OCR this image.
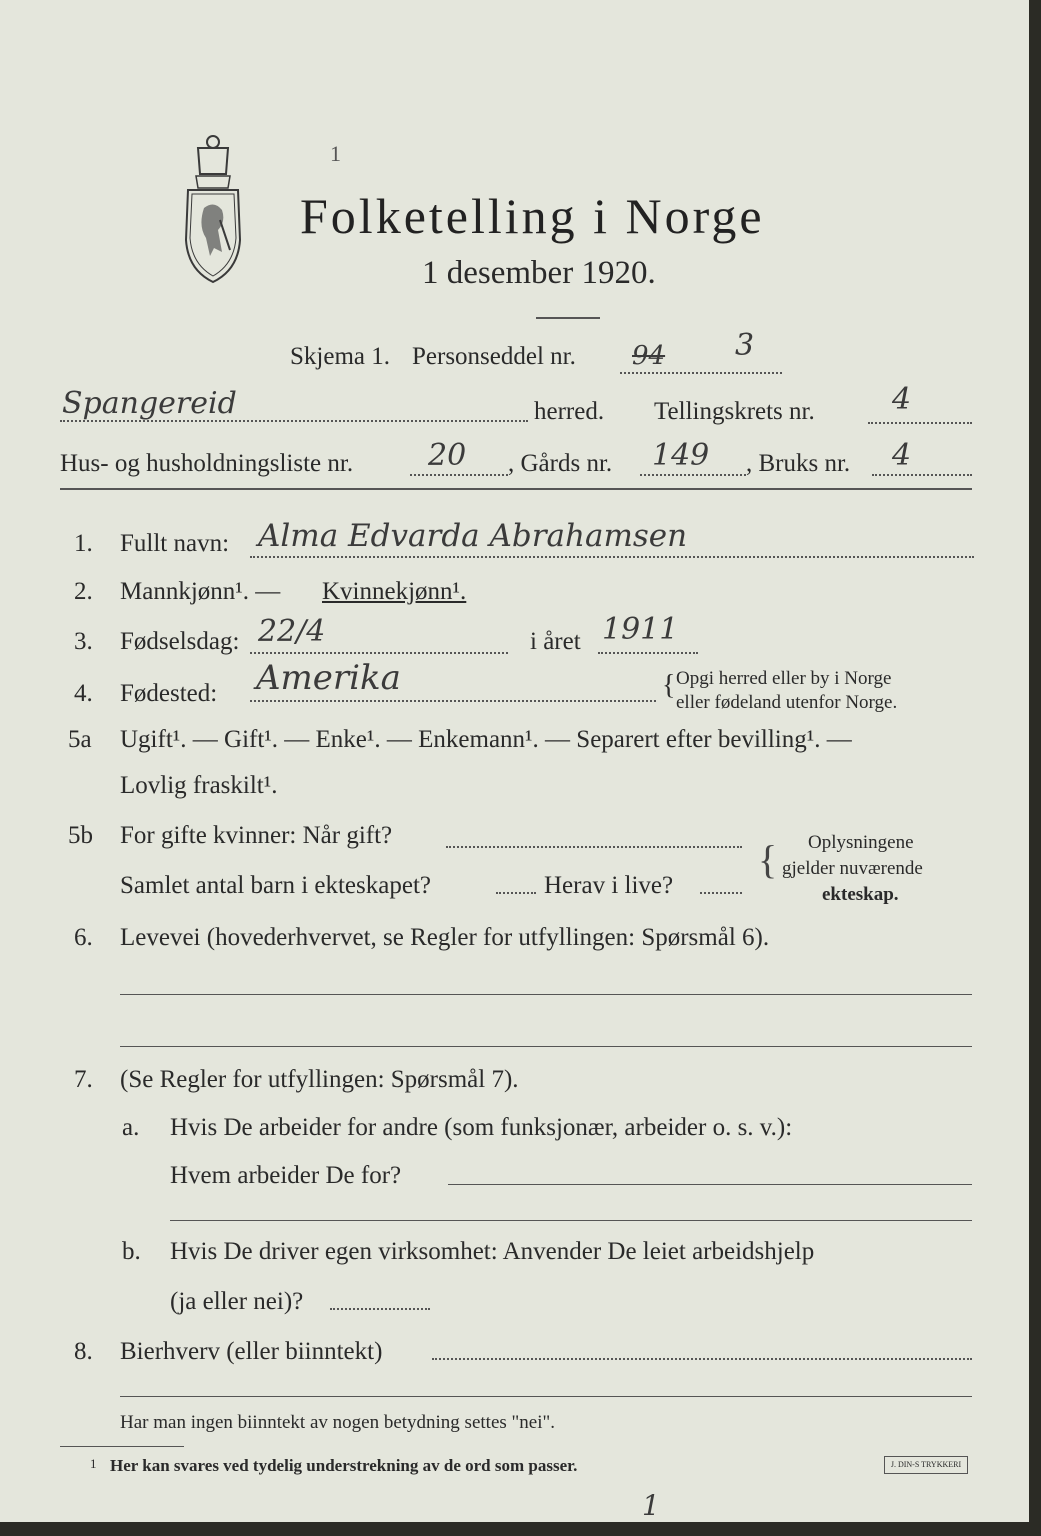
1
Folketelling i Norge
1 desember 1920.
Skjema 1. Personseddel nr. 94 3
Spangereid	herred. Tellingskrets nr.	4
Hus- og husholdningsliste nr. 20 , Gårds nr. 149 , Bruks nr. 4
1. Fullt navn: Alma Edvarda Abrahamsen
2. Mannkjønn¹. — Kvinnekjønn¹.
3. Fødselsdag: 22/4	i året 1911
4. Fødested: Amerika	{ Opgi herred eller by i Norge
eller fødeland utenfor Norge.
5a Ugift¹. — Gift¹. — Enke¹. — Enkemann¹. — Separert efter bevilling¹. —
Lovlig fraskilt¹.
5b For gifte kvinner: Når gift?
Samlet antal barn i ekteskapet?	Herav i live?
{ Oplysningene
gjelder nuværende
ekteskap.
6. Levevei (hovederhvervet, se Regler for utfyllingen: Spørsmål 6).
7. (Se Regler for utfyllingen: Spørsmål 7).
a. Hvis De arbeider for andre (som funksjonær, arbeider o. s. v.):
Hvem arbeider De for?
b. Hvis De driver egen virksomhet: Anvender De leiet arbeidshjelp
(ja eller nei)?
8. Bierhverv (eller biinntekt)
Har man ingen biinntekt av nogen betydning settes "nei".
1 Her kan svares ved tydelig understrekning av de ord som passer.	J. DIN-S TRYKKERI
1
